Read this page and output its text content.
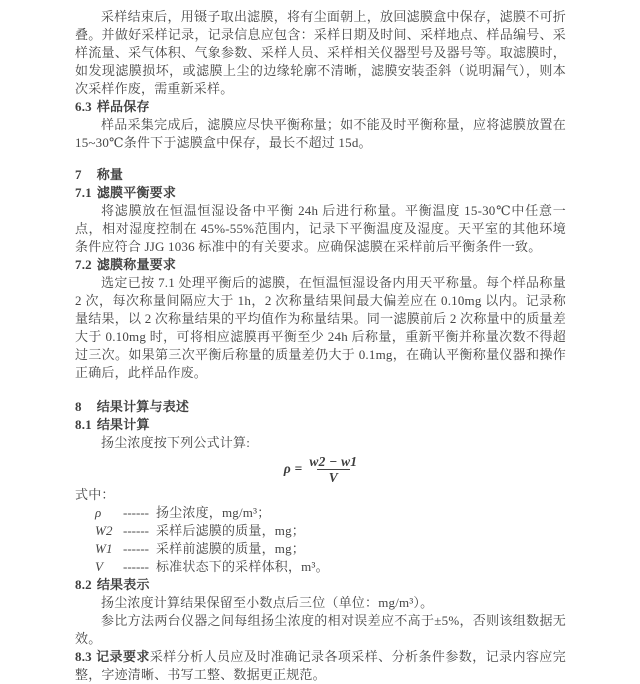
采样结束后，用镊子取出滤膜，将有尘面朝上，放回滤膜盒中保存，滤膜不可折叠。并做好采样记录，记录信息应包含：采样日期及时间、采样地点、样品编号、采样流量、采气体积、气象参数、采样人员、采样相关仪器型号及器号等。取滤膜时，如发现滤膜损坏，或滤膜上尘的边缘轮廓不清晰，滤膜安装歪斜（说明漏气），则本次采样作废，需重新采样。

6.3 样品保存

样品采集完成后，滤膜应尽快平衡称量；如不能及时平衡称量，应将滤膜放置在 15~30℃条件下于滤膜盒中保存，最长不超过 15d。

7 称量
7.1 滤膜平衡要求

将滤膜放在恒温恒湿设备中平衡 24h 后进行称量。平衡温度 15-30℃中任意一点，相对湿度控制在 45%-55%范围内，记录下平衡温度及湿度。天平室的其他环境条件应符合 JJG 1036 标准中的有关要求。应确保滤膜在采样前后平衡条件一致。

7.2 滤膜称量要求

选定已按 7.1 处理平衡后的滤膜，在恒温恒湿设备内用天平称量。每个样品称量 2 次，每次称量间隔应大于 1h，2 次称量结果间最大偏差应在 0.10mg 以内。记录称量结果，以 2 次称量结果的平均值作为称量结果。同一滤膜前后 2 次称量中的质量差大于 0.10mg 时，可将相应滤膜再平衡至少 24h 后称量，重新平衡并称量次数不得超过三次。如果第三次平衡后称量的质量差仍大于 0.1mg，在确认平衡称量仪器和操作正确后，此样品作废。

8 结果计算与表述
8.1 结果计算

扬尘浓度按下列公式计算:

ρ
= $\frac{w2 - w1}{V}$

式中：

ρ	------ 扬尘浓度，mg/m³；
W2 ------ 采样后滤膜的质量，mg；
W1 ------ 采样前滤膜的质量，mg；
V	------ 标准状态下的采样体积，m³。
8.2 结果表示

扬尘浓度计算结果保留至小数点后三位（单位：mg/m³）。

参比方法两台仪器之间每组扬尘浓度的相对误差应不高于±5%，否则该组数据无效。

8.3 记录要求采样分析人员应及时准确记录各项采样、分析条件参数，记录内容应完整，字迹清晰、书写工整、数据更正规范。
